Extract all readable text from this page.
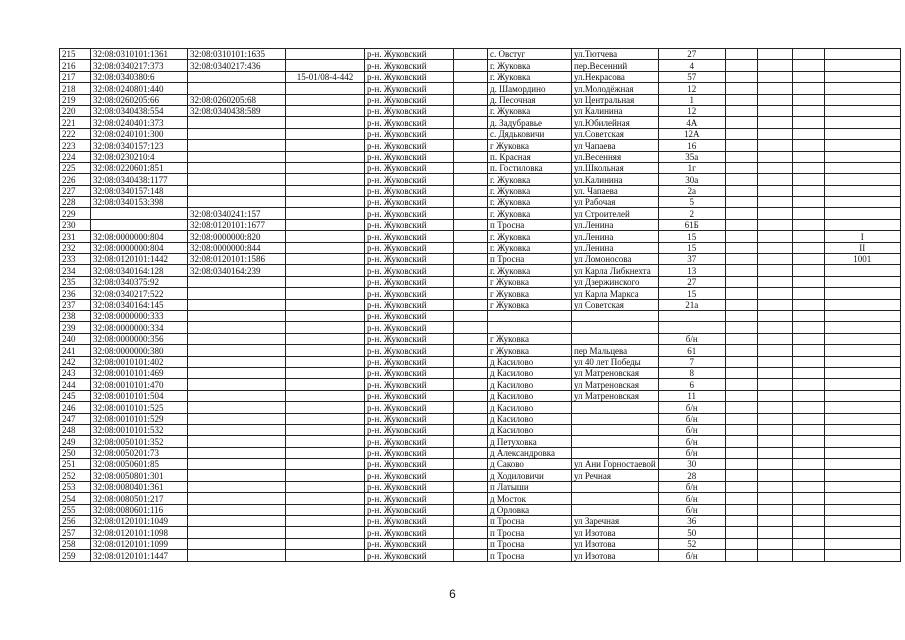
215	32:08:0310101:1361	32:08:0310101:1635		р-н. Жуковский		с. Овстуг	ул.Тютчева	27				
216	32:08:0340217:373	32:08:0340217:436		р-н. Жуковский		г. Жуковка	пер.Весенний	4				
217	32:08:0340380:6		15-01/08-4-442	р-н. Жуковский		г. Жуковка	ул.Некрасова	57				
218	32:08:0240801:440			р-н. Жуковский		д. Шамордино	ул.Молодёжная	12				
219	32:08:0260205:66	32:08:0260205:68		р-н. Жуковский		д. Песочная	ул Центральная	1				
220	32:08:0340438:554	32:08:0340438:589		р-н. Жуковский		г. Жуковка	ул Калинина	12				
221	32:08:0240401:373			р-н. Жуковский		д. Задубравье	ул.Юбилейная	4А				
222	32:08:0240101:300			р-н. Жуковский		с. Дядьковичи	ул.Советская	12А				
223	32:08:0340157:123			р-н. Жуковский		г Жуковка	ул Чапаева	16				
224	32:08:0230210:4			р-н. Жуковский		п. Красная	ул.Весенняя	35а				
225	32:08:0220601:851			р-н. Жуковский		п. Гостиловка	ул.Школьная	1г				
226	32:08:0340438:1177			р-н. Жуковский		г. Жуковка	ул.Калинина	30а				
227	32:08:0340157:148			р-н. Жуковский		г. Жуковка	ул. Чапаева	2а				
228	32:08:0340153:398			р-н. Жуковский		г. Жуковка	ул Рабочая	5				
229		32:08:0340241:157		р-н. Жуковский		г. Жуковка	ул Строителей	2				
230		32:08:0120101:1677		р-н. Жуковский		п Тросна	ул.Ленина	61Б				
231	32:08:0000000:804	32:08:0000000:820		р-н. Жуковский		г. Жуковка	ул.Ленина	15				I
232	32:08:0000000:804	32:08:0000000:844		р-н. Жуковский		г. Жуковка	ул.Ленина	15				II
233	32:08:0120101:1442	32:08:0120101:1586		р-н. Жуковский		п Тросна	ул Ломоносова	37				1001
234	32:08:0340164:128	32:08:0340164:239		р-н. Жуковский		г. Жуковка	ул Карла Либкнехта	13				
235	32:08:0340375:92			р-н. Жуковский		г Жуковка	ул Дзержинского	27				
236	32:08:0340217:522			р-н. Жуковский		г Жуковка	ул Карла Маркса	15				
237	32:08:0340164:145			р-н. Жуковский		г Жуковка	ул Советская	21а				
238	32:08:0000000:333			р-н. Жуковский								
239	32:08:0000000:334			р-н. Жуковский								
240	32:08:0000000:356			р-н. Жуковский		г Жуковка		б/н				
241	32:08:0000000:380			р-н. Жуковский		г Жуковка	пер Мальцева	61				
242	32:08:0010101:402			р-н. Жуковский		д Касилово	ул 40 лет Победы	7				
243	32:08:0010101:469			р-н. Жуковский		д Касилово	ул Матреновская	8				
244	32:08:0010101:470			р-н. Жуковский		д Касилово	ул Матреновская	6				
245	32:08:0010101:504			р-н. Жуковский		д Касилово	ул Матреновская	11				
246	32:08:0010101:525			р-н. Жуковский		д Касилово		б/н				
247	32:08:0010101:529			р-н. Жуковский		д Касилово		б/н				
248	32:08:0010101:532			р-н. Жуковский		д Касилово		б/н				
249	32:08:0050101:352			р-н. Жуковский		д Петуховка		б/н				
250	32:08:0050201:73			р-н. Жуковский		д Александровка		б/н				
251	32:08:0050601:85			р-н. Жуковский		д Саково	ул Ани Горностаевой	30				
252	32:08:0050801:301			р-н. Жуковский		д Ходиловичи	ул Речная	28				
253	32:08:0080401:361			р-н. Жуковский		п Латыши		б/н				
254	32:08:0080501:217			р-н. Жуковский		д Мосток		б/н				
255	32:08:0080601:116			р-н. Жуковский		д Орловка		б/н				
256	32:08:0120101:1049			р-н. Жуковский		п Тросна	ул Заречная	36				
257	32:08:0120101:1098			р-н. Жуковский		п Тросна	ул Изотова	50				
258	32:08:0120101:1099			р-н. Жуковский		п Тросна	ул Изотова	52				
259	32:08:0120101:1447			р-н. Жуковский		п Тросна	ул Изотова	б/н				
6
